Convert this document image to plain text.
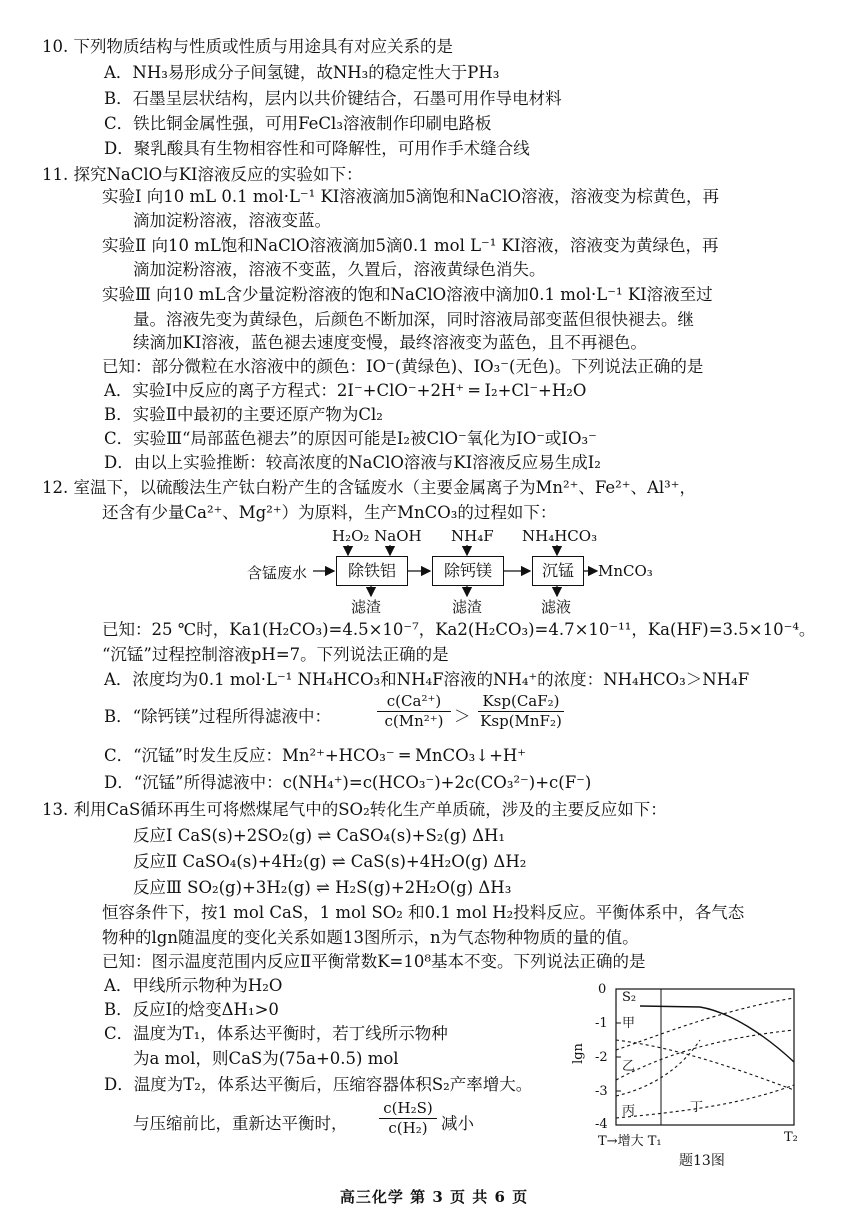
10. 下列物质结构与性质或性质与用途具有对应关系的是
A．NH₃易形成分子间氢键，故NH₃的稳定性大于PH₃
B．石墨呈层状结构，层内以共价键结合，石墨可用作导电材料
C．铁比铜金属性强，可用FeCl₃溶液制作印刷电路板
D．聚乳酸具有生物相容性和可降解性，可用作手术缝合线
11. 探究NaClO与KI溶液反应的实验如下：
实验Ⅰ 向10 mL 0.1 mol·L⁻¹ KI溶液滴加5滴饱和NaClO溶液，溶液变为棕黄色，再
滴加淀粉溶液，溶液变蓝。
实验Ⅱ 向10 mL饱和NaClO溶液滴加5滴0.1 mol L⁻¹ KI溶液，溶液变为黄绿色，再
滴加淀粉溶液，溶液不变蓝，久置后，溶液黄绿色消失。
实验Ⅲ 向10 mL含少量淀粉溶液的饱和NaClO溶液中滴加0.1 mol·L⁻¹ KI溶液至过
量。溶液先变为黄绿色，后颜色不断加深，同时溶液局部变蓝但很快褪去。继
续滴加KI溶液，蓝色褪去速度变慢，最终溶液变为蓝色，且不再褪色。
已知：部分微粒在水溶液中的颜色：IO⁻(黄绿色)、IO₃⁻(无色)。下列说法正确的是
A．实验Ⅰ中反应的离子方程式：2I⁻+ClO⁻+2H⁺ ═ I₂+Cl⁻+H₂O
B．实验Ⅱ中最初的主要还原产物为Cl₂
C．实验Ⅲ“局部蓝色褪去”的原因可能是I₂被ClO⁻氧化为IO⁻或IO₃⁻
D．由以上实验推断：较高浓度的NaClO溶液与KI溶液反应易生成I₂
12. 室温下，以硫酸法生产钛白粉产生的含锰废水（主要金属离子为Mn²⁺、Fe²⁺、Al³⁺，
还含有少量Ca²⁺、Mg²⁺）为原料，生产MnCO₃的过程如下：
H₂O₂ NaOH NH₄F NH₄HCO₃
含锰废水	除铁铝	除钙镁	沉锰	MnCO₃
滤渣	滤渣	滤液
已知：25 ℃时，Ka1(H₂CO₃)=4.5×10⁻⁷，Ka2(H₂CO₃)=4.7×10⁻¹¹，Ka(HF)=3.5×10⁻⁴。
“沉锰”过程控制溶液pH=7。下列说法正确的是
A．浓度均为0.1 mol·L⁻¹ NH₄HCO₃和NH₄F溶液的NH₄⁺的浓度：NH₄HCO₃＞NH₄F
B．“除钙镁”过程所得滤液中：	$\frac{\text{c(Ca²⁺)}}{\text{c(Mn²⁺)}}$ ＞
Ksp(CaF₂)
Ksp(MnF₂)
C．“沉锰”时发生反应：Mn²⁺+HCO₃⁻ ═ MnCO₃↓+H⁺
D．“沉锰”所得滤液中：c(NH₄⁺)=c(HCO₃⁻)+2c(CO₃²⁻)+c(F⁻)
13. 利用CaS循环再生可将燃煤尾气中的SO₂转化生产单质硫，涉及的主要反应如下：
反应Ⅰ CaS(s)+2SO₂(g) ⇌ CaSO₄(s)+S₂(g) ΔH₁
反应Ⅱ CaSO₄(s)+4H₂(g) ⇌ CaS(s)+4H₂O(g) ΔH₂
反应Ⅲ SO₂(g)+3H₂(g) ⇌ H₂S(g)+2H₂O(g) ΔH₃
恒容条件下，按1 mol CaS，1 mol SO₂ 和0.1 mol H₂投料反应。平衡体系中，各气态
物种的lgn随温度的变化关系如题13图所示，n为气态物种物质的量的值。
已知：图示温度范围内反应Ⅱ平衡常数K=10⁸基本不变。下列说法正确的是
A．甲线所示物种为H₂O
B．反应Ⅰ的焓变ΔH₁>0
C．温度为T₁，体系达平衡时，若丁线所示物种
为a mol，则CaS为(75a+0.5) mol
D．温度为T₂，体系达平衡后，压缩容器体积S₂产率增大。
与压缩前比，重新达平衡时， $\frac{\text{c(H₂S)}}{\text{c(H₂)}}$ 减小
0
-1
-2
-3
-4
lgn
S₂
甲
乙
丙	丁
T→增大 T₁	T₂
题13图
高三化学 第 3 页 共 6 页
